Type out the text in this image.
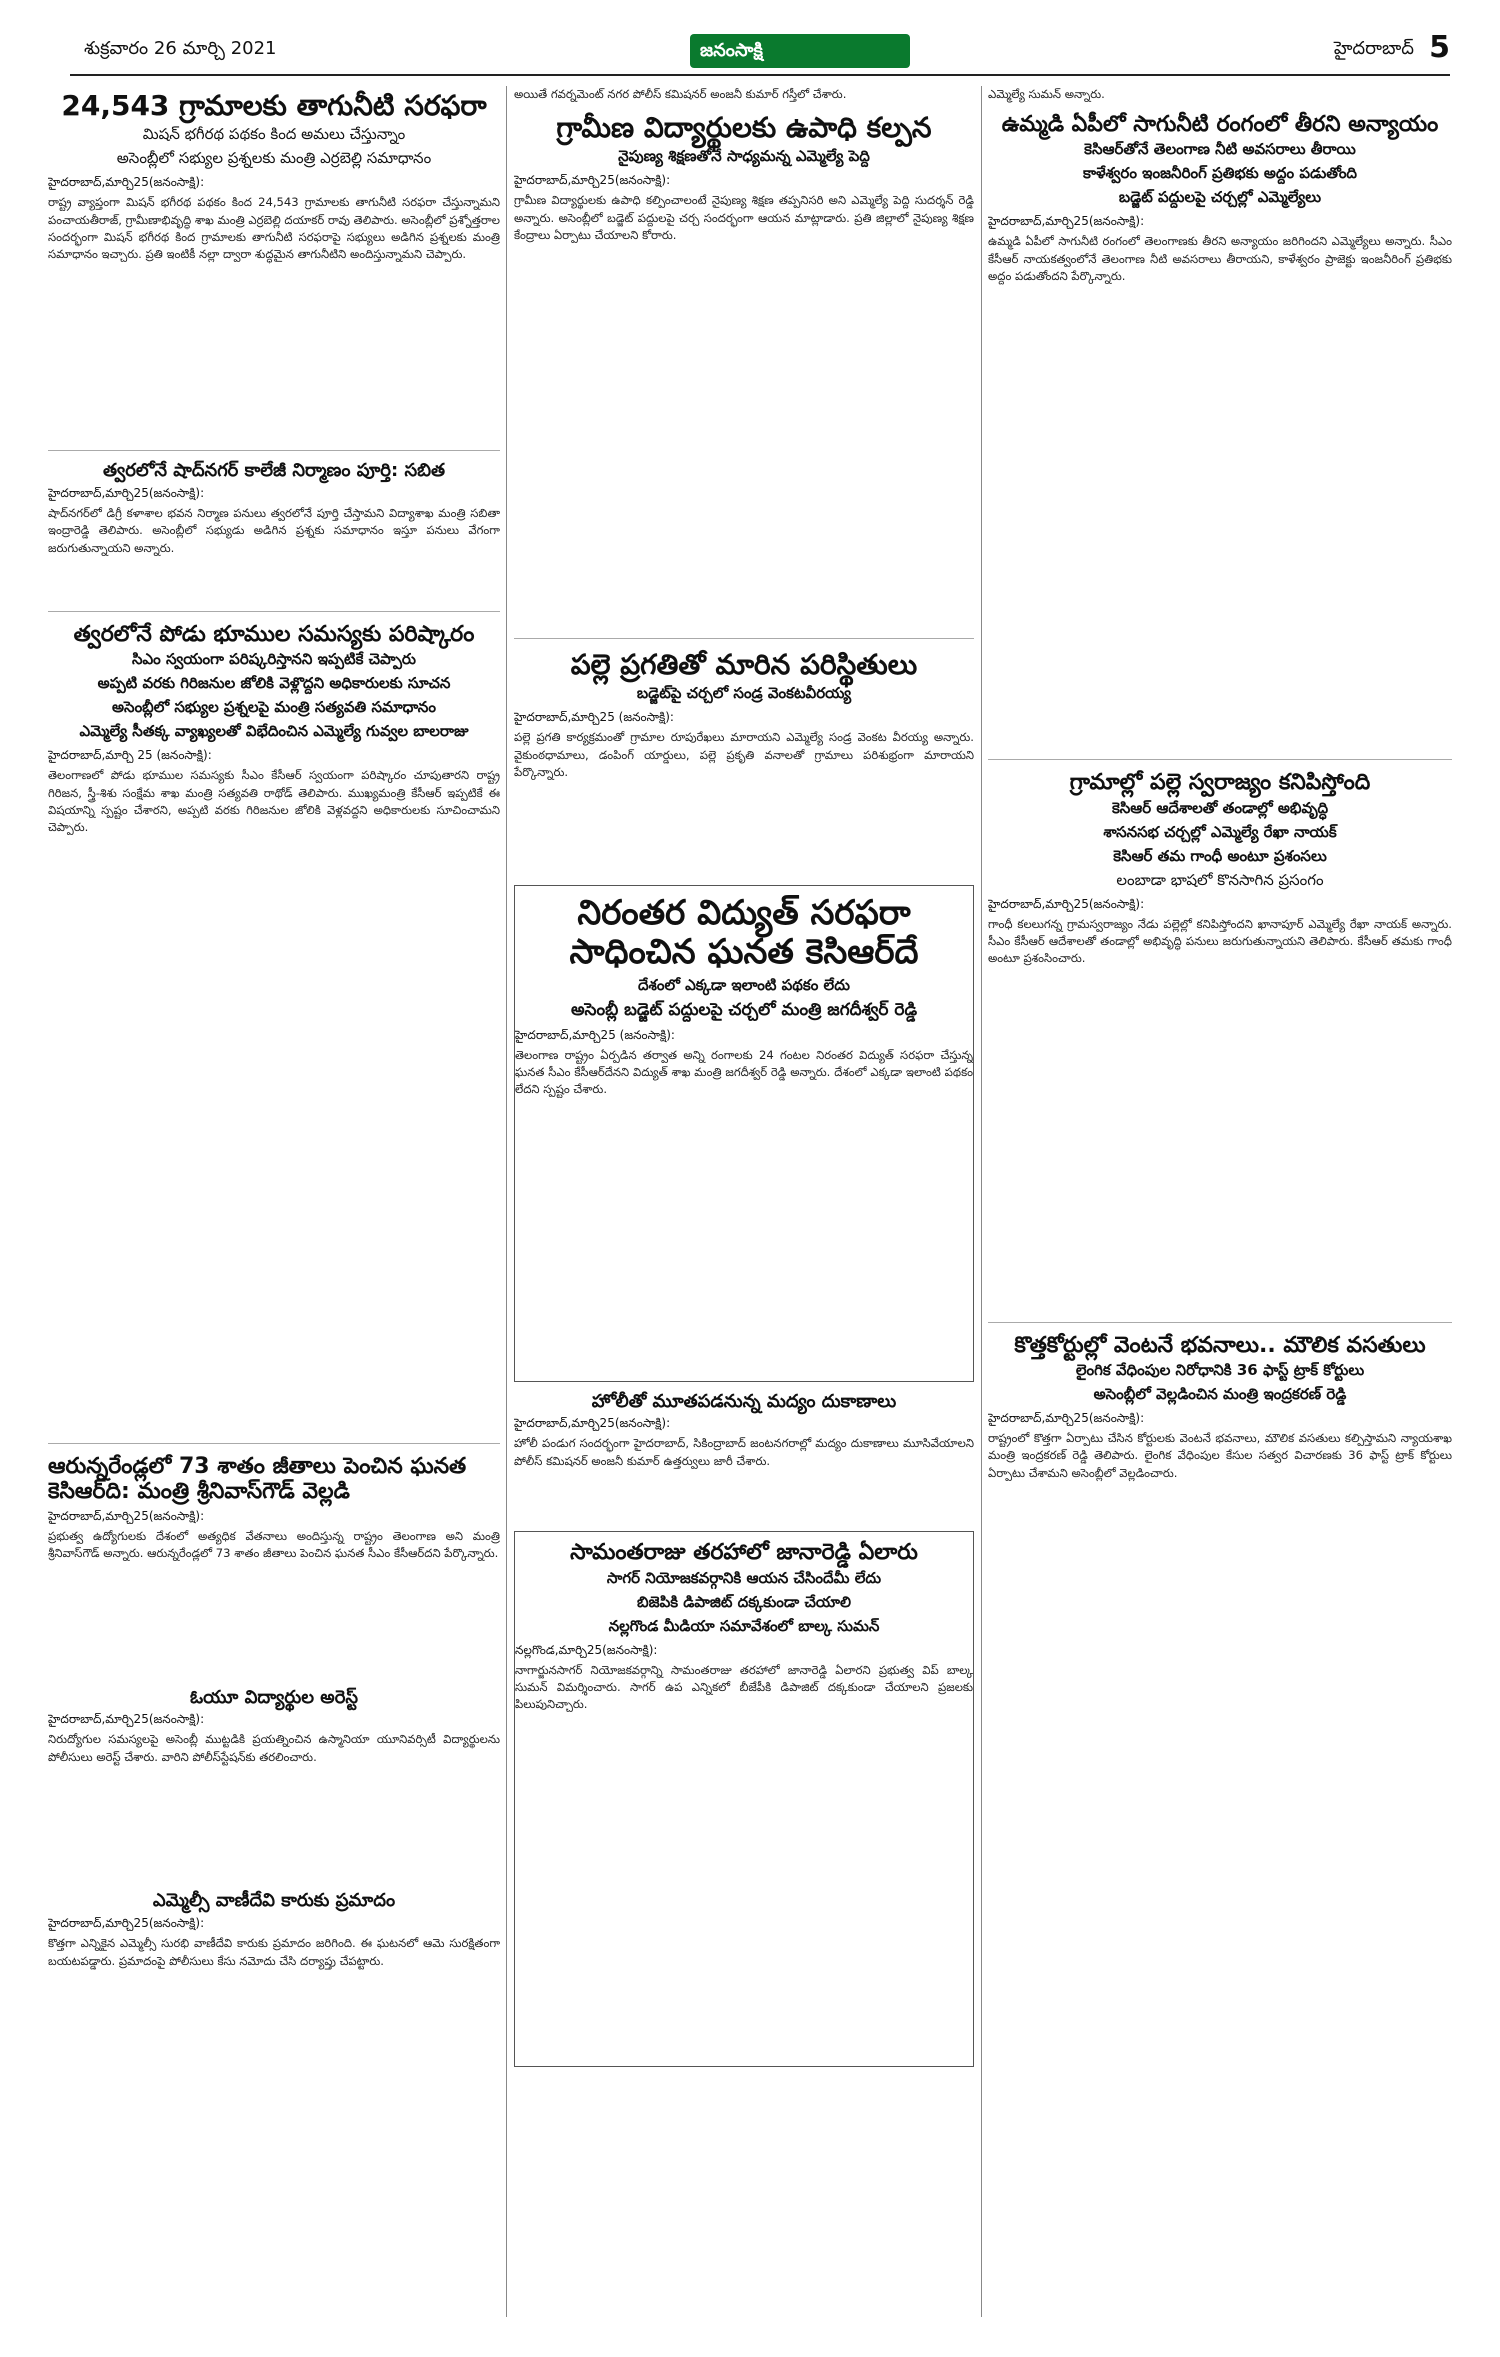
శుక్రవారం 26 మార్చి 2021	జనంసాక్షి	హైదరాబాద్ 5
24,543 గ్రామాలకు తాగునీటి సరఫరా
మిషన్ భగీరథ పథకం కింద అమలు చేస్తున్నాం
అసెంబ్లీలో సభ్యుల ప్రశ్నలకు మంత్రి ఎర్రబెల్లి సమాధానం
హైదరాబాద్,మార్చి25(జనంసాక్షి):
రాష్ట్ర వ్యాప్తంగా మిషన్ భగీరథ పథకం కింద 24,543 గ్రామాలకు తాగునీటి సరఫరా చేస్తున్నామని పంచాయతీరాజ్, గ్రామీణాభివృద్ధి శాఖ మంత్రి ఎర్రబెల్లి దయాకర్ రావు తెలిపారు. అసెంబ్లీలో ప్రశ్నోత్తరాల సందర్భంగా మిషన్ భగీరథ కింద గ్రామాలకు తాగునీటి సరఫరాపై సభ్యులు అడిగిన ప్రశ్నలకు మంత్రి సమాధానం ఇచ్చారు. ప్రతి ఇంటికీ నల్లా ద్వారా శుద్ధమైన తాగునీటిని అందిస్తున్నామని చెప్పారు.
త్వరలోనే షాద్‌నగర్ కాలేజీ నిర్మాణం పూర్తి: సబిత
హైదరాబాద్,మార్చి25(జనంసాక్షి):
షాద్‌నగర్‌లో డిగ్రీ కళాశాల భవన నిర్మాణ పనులు త్వరలోనే పూర్తి చేస్తామని విద్యాశాఖ మంత్రి సబితా ఇంద్రారెడ్డి తెలిపారు. అసెంబ్లీలో సభ్యుడు అడిగిన ప్రశ్నకు సమాధానం ఇస్తూ పనులు వేగంగా జరుగుతున్నాయని అన్నారు.
త్వరలోనే పోడు భూముల సమస్యకు పరిష్కారం
సిఎం స్వయంగా పరిష్కరిస్తానని ఇప్పటికే చెప్పారు
అప్పటి వరకు గిరిజనుల జోలికి వెళ్లొద్దని అధికారులకు సూచన
అసెంబ్లీలో సభ్యుల ప్రశ్నలపై మంత్రి సత్యవతి సమాధానం
ఎమ్మెల్యే సీతక్క వ్యాఖ్యలతో విభేదించిన ఎమ్మెల్యే గువ్వల బాలరాజు
హైదరాబాద్,మార్చి 25 (జనంసాక్షి):
తెలంగాణలో పోడు భూముల సమస్యకు సీఎం కేసీఆర్ స్వయంగా పరిష్కారం చూపుతారని రాష్ట్ర గిరిజన, స్త్రీ-శిశు సంక్షేమ శాఖ మంత్రి సత్యవతి రాథోడ్ తెలిపారు. ముఖ్యమంత్రి కేసీఆర్ ఇప్పటికే ఈ విషయాన్ని స్పష్టం చేశారని, అప్పటి వరకు గిరిజనుల జోలికి వెళ్లవద్దని అధికారులకు సూచించామని చెప్పారు.
ఆరున్నరేండ్లలో 73 శాతం జీతాలు పెంచిన ఘనత కెసిఆర్‌ది: మంత్రి శ్రీనివాస్‌గౌడ్ వెల్లడి
హైదరాబాద్,మార్చి25(జనంసాక్షి):
ప్రభుత్వ ఉద్యోగులకు దేశంలో అత్యధిక వేతనాలు అందిస్తున్న రాష్ట్రం తెలంగాణ అని మంత్రి శ్రీనివాస్‌గౌడ్ అన్నారు. ఆరున్నరేండ్లలో 73 శాతం జీతాలు పెంచిన ఘనత సీఎం కేసీఆర్‌దని పేర్కొన్నారు.
ఓయూ విద్యార్థుల అరెస్ట్
హైదరాబాద్,మార్చి25(జనంసాక్షి):
నిరుద్యోగుల సమస్యలపై అసెంబ్లీ ముట్టడికి ప్రయత్నించిన ఉస్మానియా యూనివర్సిటీ విద్యార్థులను పోలీసులు అరెస్ట్ చేశారు. వారిని పోలీస్‌స్టేషన్‌కు తరలించారు.
ఎమ్మెల్సీ వాణీదేవి కారుకు ప్రమాదం
హైదరాబాద్,మార్చి25(జనంసాక్షి):
కొత్తగా ఎన్నికైన ఎమ్మెల్సీ సురభి వాణీదేవి కారుకు ప్రమాదం జరిగింది. ఈ ఘటనలో ఆమె సురక్షితంగా బయటపడ్డారు. ప్రమాదంపై పోలీసులు కేసు నమోదు చేసి దర్యాప్తు చేపట్టారు.
అయితే గవర్నమెంట్ నగర పోలీస్ కమిషనర్ అంజనీ కుమార్ గస్తీలో చేశారు.
గ్రామీణ విద్యార్థులకు ఉపాధి కల్పన
నైపుణ్య శిక్షణతోనే సాధ్యమన్న ఎమ్మెల్యే పెద్ది
హైదరాబాద్,మార్చి25(జనంసాక్షి):
గ్రామీణ విద్యార్థులకు ఉపాధి కల్పించాలంటే నైపుణ్య శిక్షణ తప్పనిసరి అని ఎమ్మెల్యే పెద్ది సుదర్శన్ రెడ్డి అన్నారు. అసెంబ్లీలో బడ్జెట్ పద్దులపై చర్చ సందర్భంగా ఆయన మాట్లాడారు. ప్రతి జిల్లాలో నైపుణ్య శిక్షణ కేంద్రాలు ఏర్పాటు చేయాలని కోరారు.
పల్లె ప్రగతితో మారిన పరిస్థితులు
బడ్జెట్‌పై చర్చలో సండ్ర వెంకటవీరయ్య
హైదరాబాద్,మార్చి25 (జనంసాక్షి):
పల్లె ప్రగతి కార్యక్రమంతో గ్రామాల రూపురేఖలు మారాయని ఎమ్మెల్యే సండ్ర వెంకట వీరయ్య అన్నారు. వైకుంఠధామాలు, డంపింగ్ యార్డులు, పల్లె ప్రకృతి వనాలతో గ్రామాలు పరిశుభ్రంగా మారాయని పేర్కొన్నారు.
నిరంతర విద్యుత్ సరఫరా సాధించిన ఘనత కెసిఆర్‌దే
దేశంలో ఎక్కడా ఇలాంటి పథకం లేదు
అసెంబ్లీ బడ్జెట్ పద్దులపై చర్చలో మంత్రి జగదీశ్వర్ రెడ్డి
హైదరాబాద్,మార్చి25 (జనంసాక్షి):
తెలంగాణ రాష్ట్రం ఏర్పడిన తర్వాత అన్ని రంగాలకు 24 గంటల నిరంతర విద్యుత్ సరఫరా చేస్తున్న ఘనత సీఎం కేసీఆర్‌దేనని విద్యుత్ శాఖ మంత్రి జగదీశ్వర్ రెడ్డి అన్నారు. దేశంలో ఎక్కడా ఇలాంటి పథకం లేదని స్పష్టం చేశారు.
హోలీతో మూతపడనున్న మద్యం దుకాణాలు
హైదరాబాద్,మార్చి25(జనంసాక్షి):
హోలీ పండుగ సందర్భంగా హైదరాబాద్, సికింద్రాబాద్ జంటనగరాల్లో మద్యం దుకాణాలు మూసివేయాలని పోలీస్ కమిషనర్ అంజనీ కుమార్ ఉత్తర్వులు జారీ చేశారు.
సామంతరాజు తరహాలో జానారెడ్డి ఏలారు
సాగర్ నియోజకవర్గానికి ఆయన చేసిందేమీ లేదు
బిజెపికి డిపాజిట్ దక్కకుండా చేయాలి
నల్లగొండ మీడియా సమావేశంలో బాల్క సుమన్
నల్లగొండ,మార్చి25(జనంసాక్షి):
నాగార్జునసాగర్ నియోజకవర్గాన్ని సామంతరాజు తరహాలో జానారెడ్డి ఏలారని ప్రభుత్వ విప్ బాల్క సుమన్ విమర్శించారు. సాగర్ ఉప ఎన్నికలో బీజేపీకి డిపాజిట్ దక్కకుండా చేయాలని ప్రజలకు పిలుపునిచ్చారు.
ఎమ్మెల్యే సుమన్ అన్నారు.
ఉమ్మడి ఏపీలో సాగునీటి రంగంలో తీరని అన్యాయం
కెసిఆర్‌తోనే తెలంగాణ నీటి అవసరాలు తీరాయి
కాళేశ్వరం ఇంజనీరింగ్ ప్రతిభకు అద్దం పడుతోంది
బడ్జెట్ పద్దులపై చర్చల్లో ఎమ్మెల్యేలు
హైదరాబాద్,మార్చి25(జనంసాక్షి):
ఉమ్మడి ఏపీలో సాగునీటి రంగంలో తెలంగాణకు తీరని అన్యాయం జరిగిందని ఎమ్మెల్యేలు అన్నారు. సీఎం కేసీఆర్ నాయకత్వంలోనే తెలంగాణ నీటి అవసరాలు తీరాయని, కాళేశ్వరం ప్రాజెక్టు ఇంజనీరింగ్ ప్రతిభకు అద్దం పడుతోందని పేర్కొన్నారు.
గ్రామాల్లో పల్లె స్వరాజ్యం కనిపిస్తోంది
కెసిఆర్ ఆదేశాలతో తండాల్లో అభివృద్ధి
శాసనసభ చర్చల్లో ఎమ్మెల్యే రేఖా నాయక్
కెసిఆర్ తమ గాంధీ అంటూ ప్రశంసలు
లంబాడా భాషలో కొనసాగిన ప్రసంగం
హైదరాబాద్,మార్చి25(జనంసాక్షి):
గాంధీ కలలుగన్న గ్రామస్వరాజ్యం నేడు పల్లెల్లో కనిపిస్తోందని ఖానాపూర్ ఎమ్మెల్యే రేఖా నాయక్ అన్నారు. సీఎం కేసీఆర్ ఆదేశాలతో తండాల్లో అభివృద్ధి పనులు జరుగుతున్నాయని తెలిపారు. కేసీఆర్ తమకు గాంధీ అంటూ ప్రశంసించారు.
కొత్తకోర్టుల్లో వెంటనే భవనాలు.. మౌలిక వసతులు
లైంగిక వేధింపుల నిరోధానికి 36 ఫాస్ట్ ట్రాక్ కోర్టులు
అసెంబ్లీలో వెల్లడించిన మంత్రి ఇంద్రకరణ్ రెడ్డి
హైదరాబాద్,మార్చి25(జనంసాక్షి):
రాష్ట్రంలో కొత్తగా ఏర్పాటు చేసిన కోర్టులకు వెంటనే భవనాలు, మౌలిక వసతులు కల్పిస్తామని న్యాయశాఖ మంత్రి ఇంద్రకరణ్ రెడ్డి తెలిపారు. లైంగిక వేధింపుల కేసుల సత్వర విచారణకు 36 ఫాస్ట్ ట్రాక్ కోర్టులు ఏర్పాటు చేశామని అసెంబ్లీలో వెల్లడించారు.
